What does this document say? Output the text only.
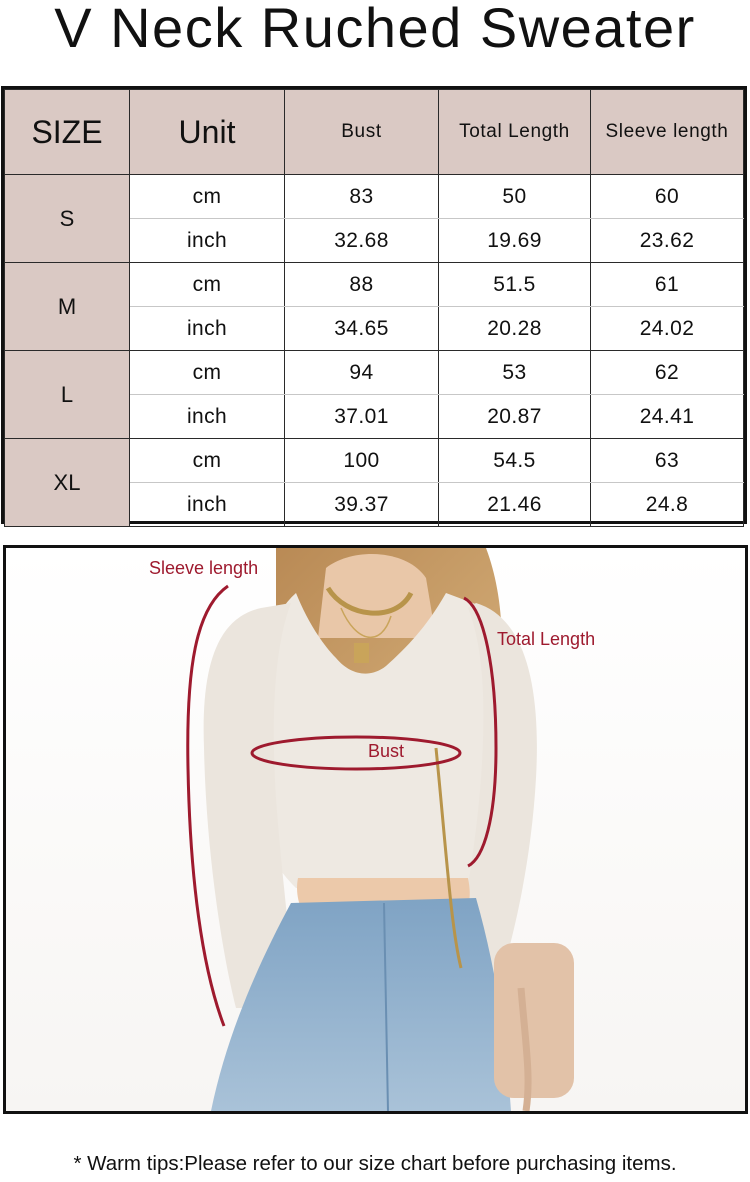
V Neck Ruched Sweater
SIZE	Unit	Bust	Total Length	Sleeve length
S	cm	83	50	60
	inch	32.68	19.69	23.62
M	cm	88	51.5	61
	inch	34.65	20.28	24.02
L	cm	94	53	62
	inch	37.01	20.87	24.41
XL	cm	100	54.5	63
	inch	39.37	21.46	24.8
Sleeve length
Total Length
Bust
* Warm tips:Please refer to our size chart before purchasing items.
